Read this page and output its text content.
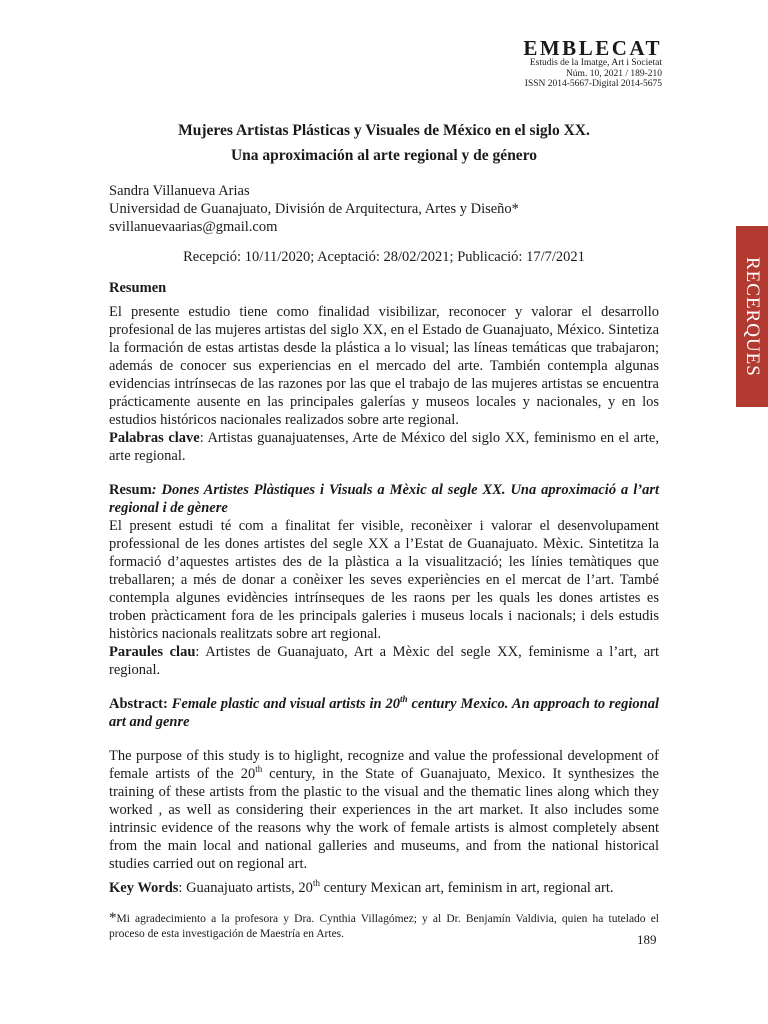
EMBLECAT
Estudis de la Imatge, Art i Societat
Núm. 10, 2021 / 189-210
ISSN 2014-5667-Digital 2014-5675
RECERQUES
Mujeres Artistas Plásticas y Visuales de México en el siglo XX.
Una aproximación al arte regional y de género
Sandra Villanueva Arias
Universidad de Guanajuato, División de Arquitectura, Artes y Diseño*
svillanuevaarias@gmail.com
Recepció: 10/11/2020; Aceptació: 28/02/2021; Publicació: 17/7/2021
Resumen
El presente estudio tiene como finalidad visibilizar, reconocer y valorar el desarrollo profesional de las mujeres artistas del siglo XX, en el Estado de Guanajuato, México. Sintetiza la formación de estas artistas desde la plástica a lo visual; las líneas temáticas que trabajaron; además de conocer sus experiencias en el mercado del arte. También contempla algunas evidencias intrínsecas de las razones por las que el trabajo de las mujeres artistas se encuentra prácticamente ausente en las principales galerías y museos locales y nacionales, y en los estudios históricos nacionales realizados sobre arte regional.
Palabras clave: Artistas guanajuatenses, Arte de México del siglo XX, feminismo en el arte, arte regional.
Resum: Dones Artistes Plàstiques i Visuals a Mèxic al segle XX. Una aproximació a l’art regional i de gènere
El present estudi té com a finalitat fer visible, reconèixer i valorar el desenvolupament professional de les dones artistes del segle XX a l’Estat de Guanajuato. Mèxic. Sintetitza la formació d’aquestes artistes des de la plàstica a la visualització; les línies temàtiques que treballaren; a més de donar a conèixer les seves experiències en el mercat de l’art. També contempla algunes evidències intrínseques de les raons per les quals les dones artistes es troben pràcticament fora de les principals galeries i museus locals i nacionals; i dels estudis històrics nacionals realitzats sobre art regional.
Paraules clau: Artistes de Guanajuato, Art a Mèxic del segle XX, feminisme a l’art, art regional.
Abstract: Female plastic and visual artists in 20th century Mexico. An approach to regional art and genre
The purpose of this study is to higlight, recognize and value the professional development of female artists of the 20th century, in the State of Guanajuato, Mexico. It synthesizes the training of these artists from the plastic to the visual and the thematic lines along which they worked , as well as considering their experiences in the art market. It also includes some intrinsic evidence of the reasons why the work of female artists is almost completely absent from the main local and national galleries and museums, and from the national historical studies carried out on regional art.
Key Words: Guanajuato artists, 20th century Mexican art, feminism in art, regional art.
*Mi agradecimiento a la profesora y Dra. Cynthia Villagómez; y al Dr. Benjamín Valdivia, quien ha tutelado el proceso de esta investigación de Maestría en Artes.	189
